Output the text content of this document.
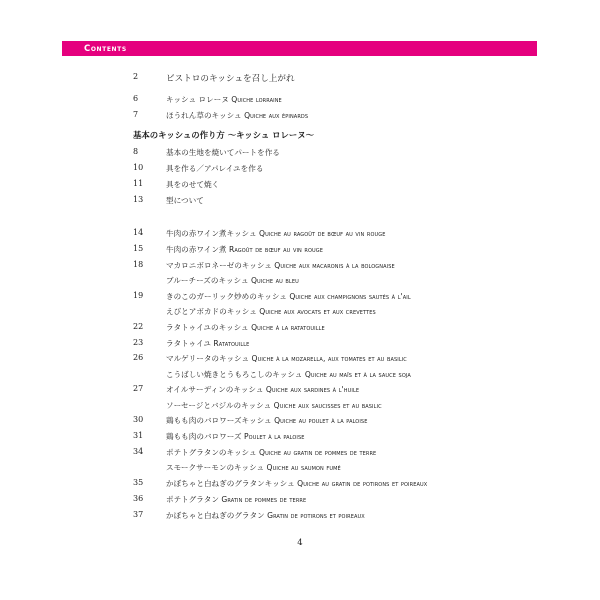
Contents
2	ビストロのキッシュを召し上がれ
6	キッシュ ロレーヌ Quiche lorraine
7	ほうれん草のキッシュ Quiche aux épinards
基本のキッシュの作り方 ～キッシュ ロレーヌ～
8	基本の生地を焼いてパートを作る
10	具を作る／アパレイユを作る
11	具をのせて焼く
13	型について
14	牛肉の赤ワイン煮キッシュ Quiche au ragoût de bœuf au vin rouge
15	牛肉の赤ワイン煮 Ragoût de bœuf au vin rouge
18	マカロニボロネーゼのキッシュ Quiche aux macaronis à la bolognaise
ブルーチーズのキッシュ Quiche au bleu
19	きのこのガーリック炒めのキッシュ Quiche aux champignons sautés à l'ail
えびとアボカドのキッシュ Quiche aux avocats et aux crevettes
22	ラタトゥイユのキッシュ Quiche à la ratatouille
23	ラタトゥイユ Ratatouille
26	マルゲリータのキッシュ Quiche à la mozarella, aux tomates et au basilic
こうばしい焼きとうもろこしのキッシュ Quiche au maïs et à la sauce soja
27	オイルサーディンのキッシュ Quiche aux sardines à l'huile
ソーセージとバジルのキッシュ Quiche aux saucisses et au basilic
30	鶏もも肉のバロワーズキッシュ Quiche au poulet à la paloise
31	鶏もも肉のバロワーズ Poulet à la paloise
34	ポテトグラタンのキッシュ Quiche au gratin de pommes de terre
スモークサーモンのキッシュ Quiche au saumon fumé
35	かぼちゃと白ねぎのグラタンキッシュ Quiche au gratin de potirons et poireaux
36	ポテトグラタン Gratin de pommes de terre
37	かぼちゃと白ねぎのグラタン Gratin de potirons et poireaux
4
